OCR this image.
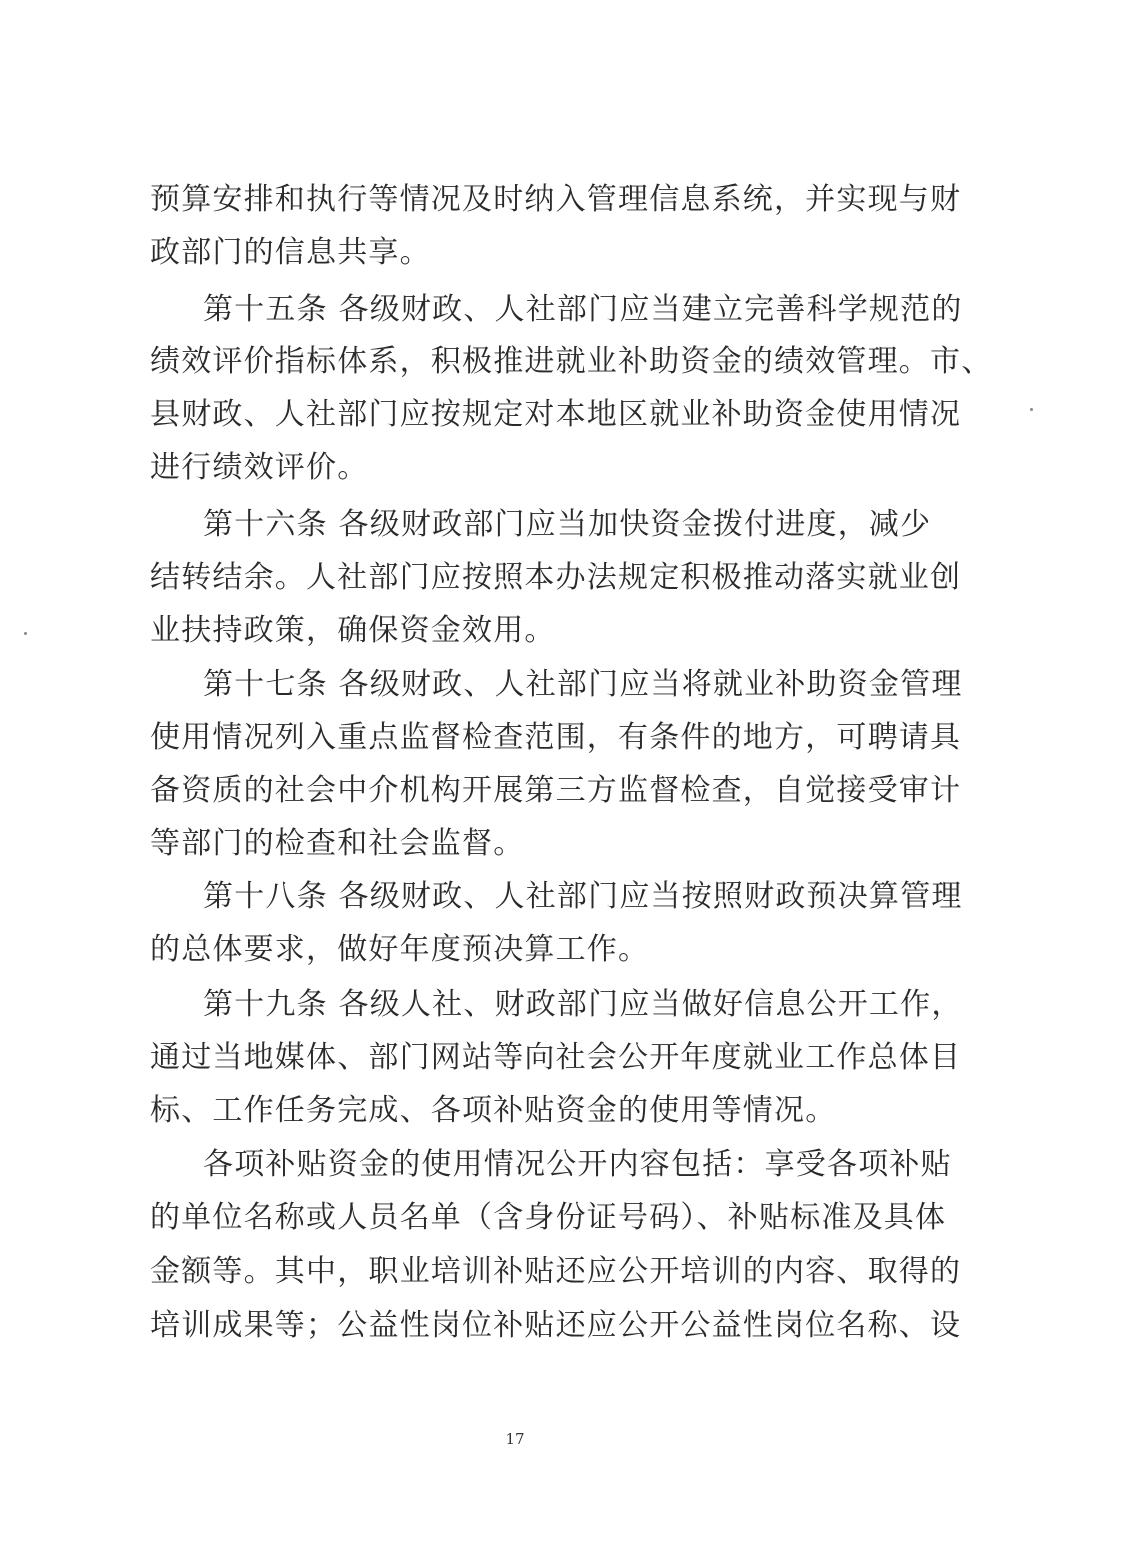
预算安排和执行等情况及时纳入管理信息系统，并实现与财
政部门的信息共享。
第十五条 各级财政、人社部门应当建立完善科学规范的
绩效评价指标体系，积极推进就业补助资金的绩效管理。市、
县财政、人社部门应按规定对本地区就业补助资金使用情况
进行绩效评价。
第十六条 各级财政部门应当加快资金拨付进度，减少
结转结余。人社部门应按照本办法规定积极推动落实就业创
业扶持政策，确保资金效用。
第十七条 各级财政、人社部门应当将就业补助资金管理
使用情况列入重点监督检查范围，有条件的地方，可聘请具
备资质的社会中介机构开展第三方监督检查，自觉接受审计
等部门的检查和社会监督。
第十八条 各级财政、人社部门应当按照财政预决算管理
的总体要求，做好年度预决算工作。
第十九条 各级人社、财政部门应当做好信息公开工作，
通过当地媒体、部门网站等向社会公开年度就业工作总体目
标、工作任务完成、各项补贴资金的使用等情况。
各项补贴资金的使用情况公开内容包括：享受各项补贴
的单位名称或人员名单（含身份证号码）、补贴标准及具体
金额等。其中，职业培训补贴还应公开培训的内容、取得的
培训成果等；公益性岗位补贴还应公开公益性岗位名称、设
17
